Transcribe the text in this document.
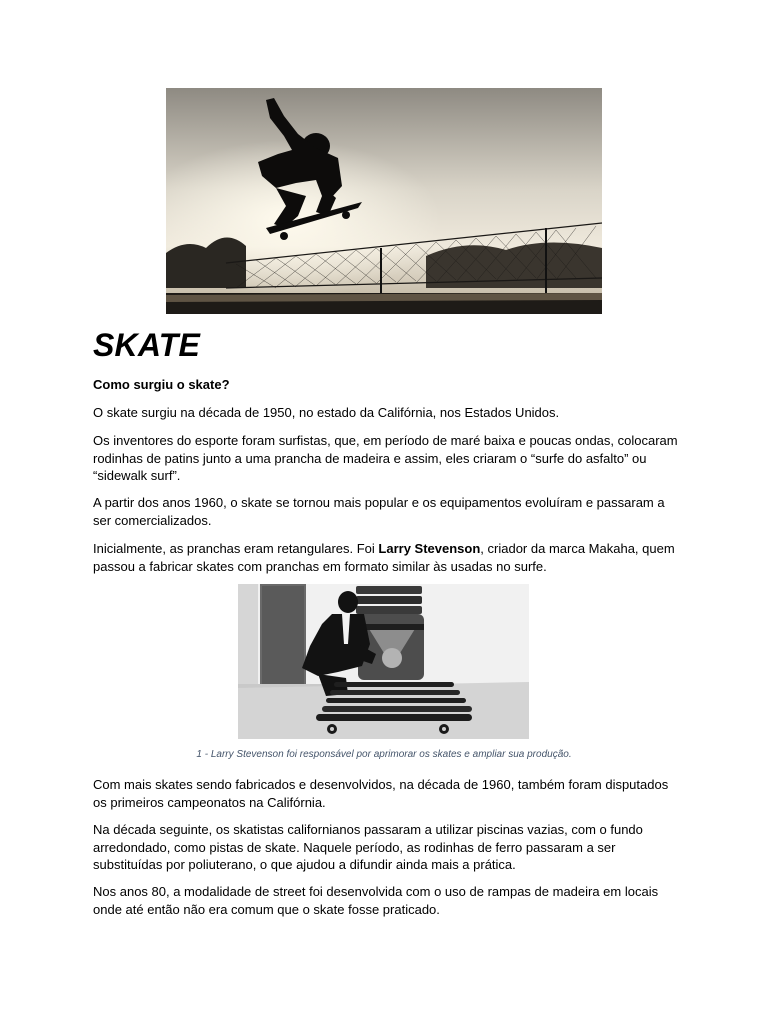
SKATE

Como surgiu o skate?

O skate surgiu na década de 1950, no estado da Califórnia, nos Estados Unidos.

Os inventores do esporte foram surfistas, que, em período de maré baixa e poucas ondas, colocaram rodinhas de patins junto a uma prancha de madeira e assim, eles criaram o “surfe do asfalto” ou “sidewalk surf”.

A partir dos anos 1960, o skate se tornou mais popular e os equipamentos evoluíram e passaram a ser comercializados.

Inicialmente, as pranchas eram retangulares. Foi Larry Stevenson, criador da marca Makaha, quem passou a fabricar skates com pranchas em formato similar às usadas no surfe.

1 - Larry Stevenson foi responsável por aprimorar os skates e ampliar sua produção.

Com mais skates sendo fabricados e desenvolvidos, na década de 1960, também foram disputados os primeiros campeonatos na Califórnia.

Na década seguinte, os skatistas californianos passaram a utilizar piscinas vazias, com o fundo arredondado, como pistas de skate. Naquele período, as rodinhas de ferro passaram a ser substituídas por poliuterano, o que ajudou a difundir ainda mais a prática.

Nos anos 80, a modalidade de street foi desenvolvida com o uso de rampas de madeira em locais onde até então não era comum que o skate fosse praticado.
